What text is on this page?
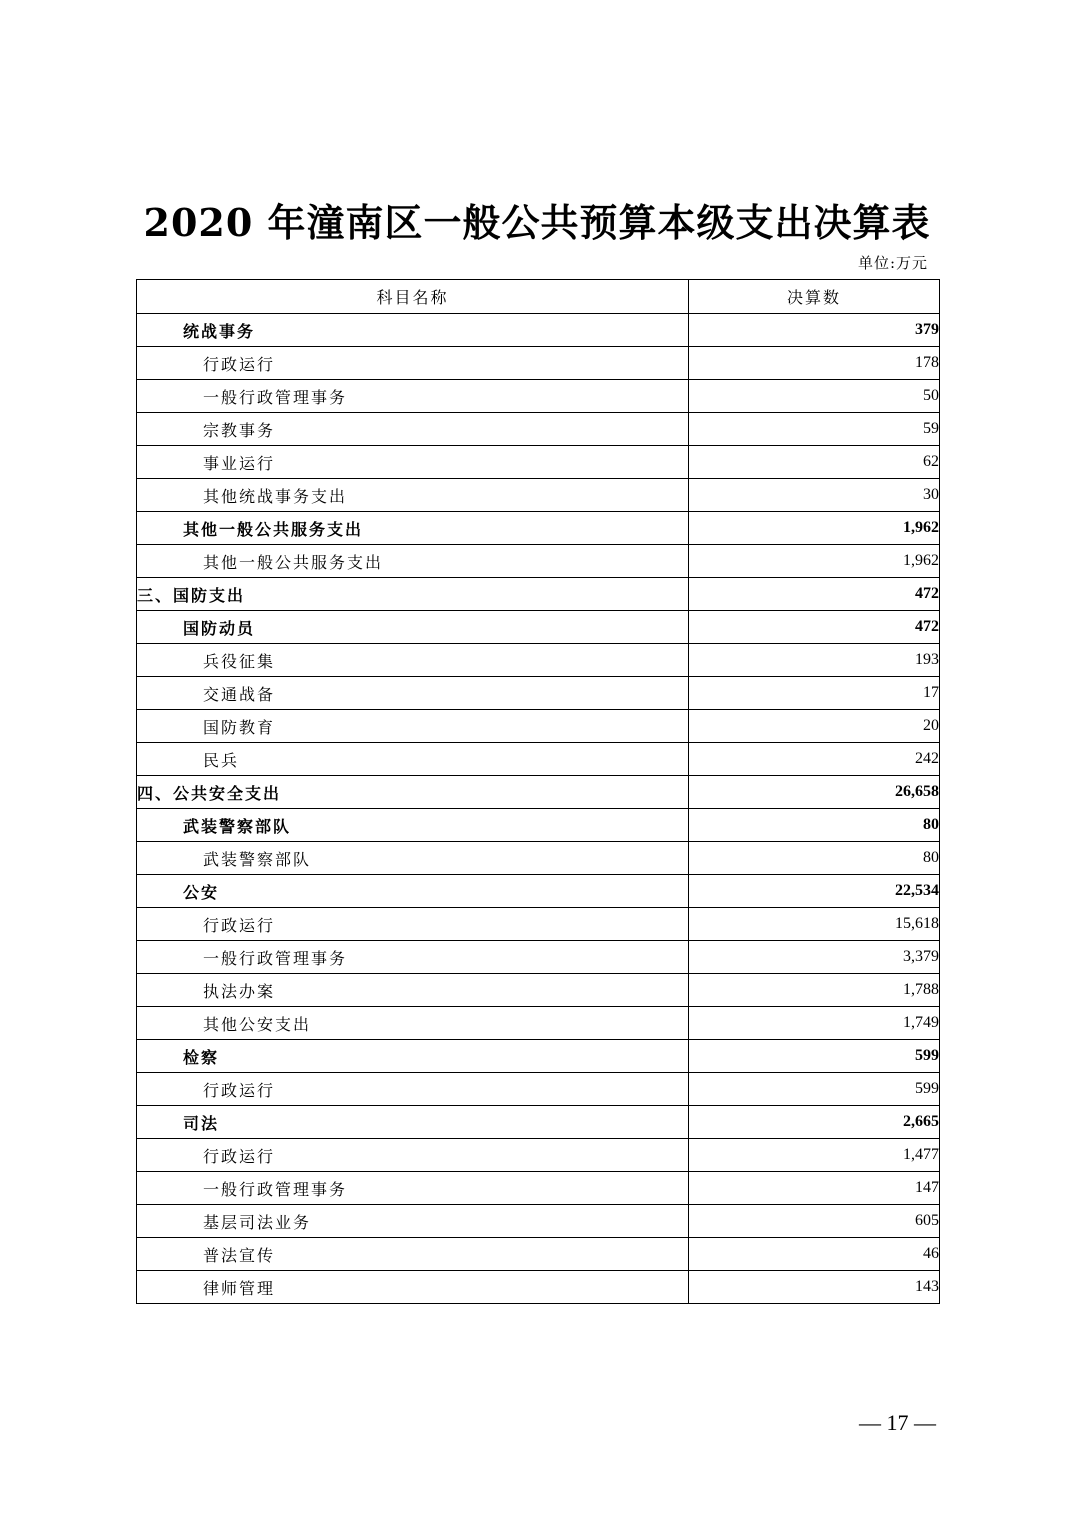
2020 年潼南区一般公共预算本级支出决算表
单位:万元
科目名称	决算数
统战事务	379
行政运行	178
一般行政管理事务	50
宗教事务	59
事业运行	62
其他统战事务支出	30
其他一般公共服务支出	1,962
其他一般公共服务支出	1,962
三、国防支出	472
国防动员	472
兵役征集	193
交通战备	17
国防教育	20
民兵	242
四、公共安全支出	26,658
武装警察部队	80
武装警察部队	80
公安	22,534
行政运行	15,618
一般行政管理事务	3,379
执法办案	1,788
其他公安支出	1,749
检察	599
行政运行	599
司法	2,665
行政运行	1,477
一般行政管理事务	147
基层司法业务	605
普法宣传	46
律师管理	143
— 17 —
